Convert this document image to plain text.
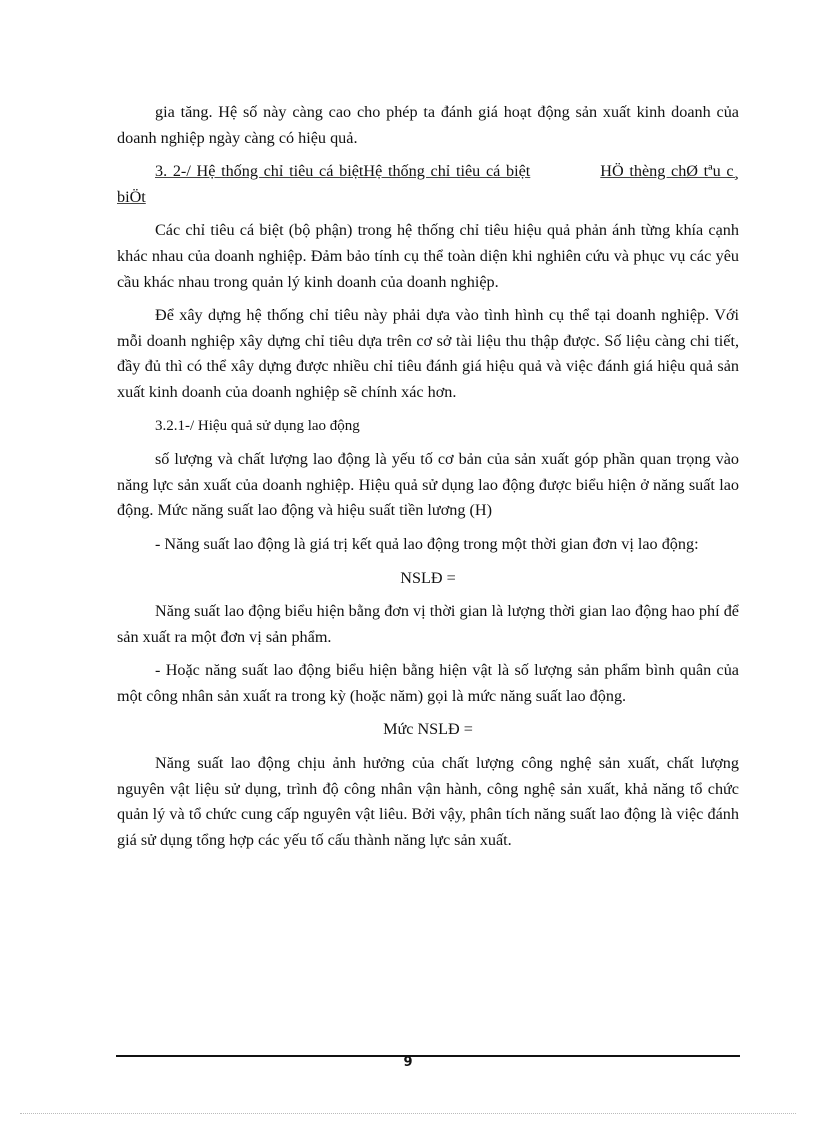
gia tăng. Hệ số này càng cao cho phép ta đánh giá hoạt động sản xuất kinh doanh của doanh nghiệp ngày càng có hiệu quả.

3. 2-/ Hệ thống chỉ tiêu cá biệtHệ thống chỉ tiêu cá biệt	HÖ thèng chØ tªu c¸ biÖt

Các chỉ tiêu cá biệt (bộ phận) trong hệ thống chỉ tiêu hiệu quả phản ánh từng khía cạnh khác nhau của doanh nghiệp. Đảm bảo tính cụ thể toàn diện khi nghiên cứu và phục vụ các yêu cầu khác nhau trong quản lý kinh doanh của doanh nghiệp.

Để xây dựng hệ thống chỉ tiêu này phải dựa vào tình hình cụ thể tại doanh nghiệp. Với mỗi doanh nghiệp xây dựng chỉ tiêu dựa trên cơ sở tài liệu thu thập được. Số liệu càng chi tiết, đầy đủ thì có thể xây dựng được nhiều chỉ tiêu đánh giá hiệu quả và việc đánh giá hiệu quả sản xuất kinh doanh của doanh nghiệp sẽ chính xác hơn.

3.2.1-/ Hiệu quả sử dụng lao động

số lượng và chất lượng lao động là yếu tố cơ bản của sản xuất góp phần quan trọng vào năng lực sản xuất của doanh nghiệp. Hiệu quả sử dụng lao động được biểu hiện ở năng suất lao động. Mức năng suất lao động và hiệu suất tiền lương (H)

- Năng suất lao động là giá trị kết quả lao động trong một thời gian đơn vị lao động:

NSLĐ =

Năng suất lao động biểu hiện bằng đơn vị thời gian là lượng thời gian lao động hao phí để sản xuất ra một đơn vị sản phẩm.

- Hoặc năng suất lao động biểu hiện bằng hiện vật là số lượng sản phẩm bình quân của một công nhân sản xuất ra trong kỳ (hoặc năm) gọi là mức năng suất lao động.

Mức NSLĐ =

Năng suất lao động chịu ảnh hưởng của chất lượng công nghệ sản xuất, chất lượng nguyên vật liệu sử dụng, trình độ công nhân vận hành, công nghệ sản xuất, khả năng tổ chức quản lý và tổ chức cung cấp nguyên vật liêu. Bởi vậy, phân tích năng suất lao động là việc đánh giá sử dụng tổng hợp các yếu tố cấu thành năng lực sản xuất.

9
